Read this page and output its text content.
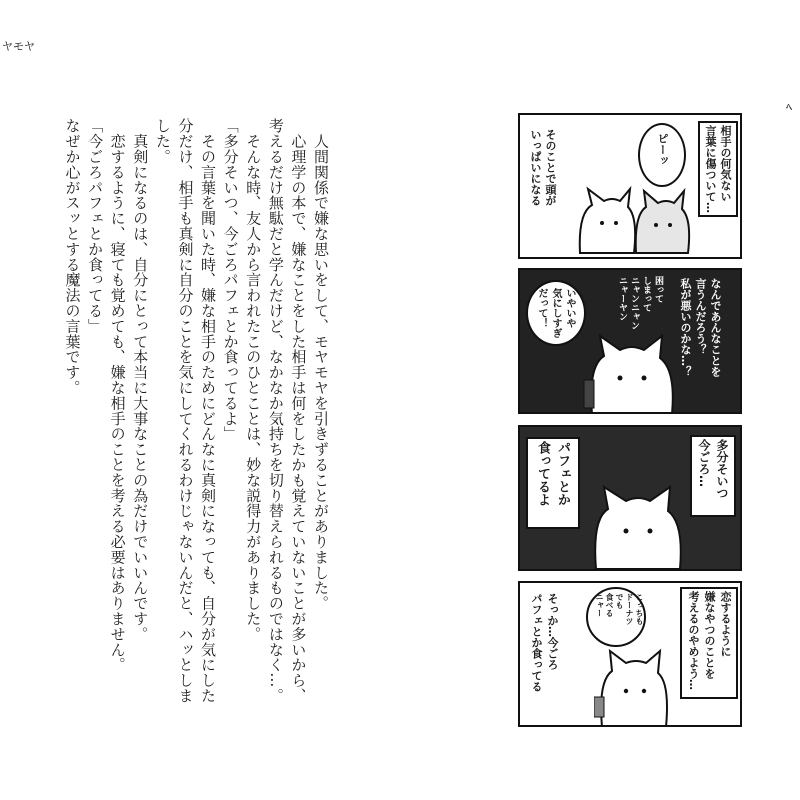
ヤモヤ
ﾍ

　人間関係で嫌な思いをして、モヤモヤを引きずることがありました。

　心理学の本で、嫌なことをした相手は何をしたかも覚えていないことが多いから、

考えるだけ無駄だと学んだけど、なかなか気持ちを切り替えられるものではなく…。

　そんな時、友人から言われたこのひとことは、妙な説得力がありました。

「多分そいつ、今ごろパフェとか食ってるよ」

　その言葉を聞いた時、嫌な相手のためにどんなに真剣になっても、自分が気にした

分だけ、相手も真剣に自分のことを気にしてくれるわけじゃないんだと、ハッとしま

した。

　真剣になるのは、自分にとって本当に大事なことの為だけでいいんです。

　恋するように、寝ても覚めても、嫌な相手のことを考える必要はありません。

「今ごろパフェとか食ってる」

なぜか心がスッとする魔法の言葉です。	相手の何気ない
言葉に傷ついて…
そのことで頭が
いっぱいになる	ピーッ
なんであんなことを
言うんだろう？
私が悪いのかな…？
困って
しまって
ニャンニャン
ニャーヤン
いやいや
気にしすぎ
だって！
多分そいつ
今ごろ…
パフェとか
食ってるよ
恋するように
嫌なやつのことを
考えるのやめよう…
こっちも
ドーナツ
でも
食べる
ニャー
そっか…今ごろ
パフェとか食ってる
